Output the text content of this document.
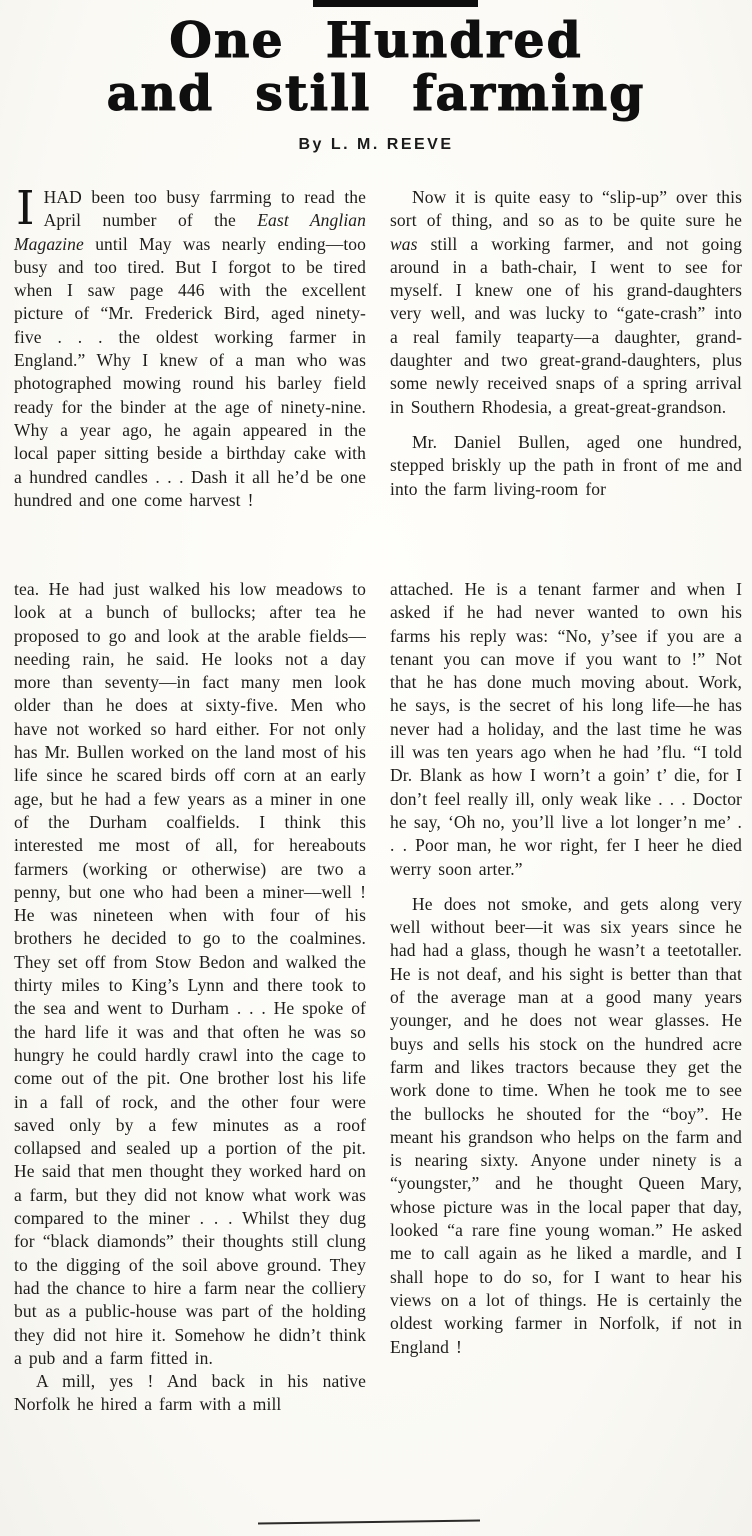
One Hundred
and still farming
By L. M. REEVE

IHAD been too busy farrming to read the April number of the East Anglian Magazine until May was nearly ending—too busy and too tired. But I forgot to be tired when I saw page 446 with the excellent picture of “Mr. Frederick Bird, aged ninety-five . . . the oldest working farmer in England.” Why I knew of a man who was photographed mowing round his barley field ready for the binder at the age of ninety-nine. Why a year ago, he again appeared in the local paper sitting beside a birthday cake with a hundred candles . . . Dash it all he’d be one hundred and one come harvest !

Now it is quite easy to “slip-up” over this sort of thing, and so as to be quite sure he was still a working farmer, and not going around in a bath-chair, I went to see for myself. I knew one of his grand-daughters very well, and was lucky to “gate-crash” into a real family teaparty—a daughter, grand-daughter and two great-grand-daughters, plus some newly received snaps of a spring arrival in Southern Rhodesia, a great-great-grandson.

Mr. Daniel Bullen, aged one hundred, stepped briskly up the path in front of me and into the farm living-room for

tea. He had just walked his low meadows to look at a bunch of bullocks; after tea he proposed to go and look at the arable fields—needing rain, he said. He looks not a day more than seventy—in fact many men look older than he does at sixty-five. Men who have not worked so hard either. For not only has Mr. Bullen worked on the land most of his life since he scared birds off corn at an early age, but he had a few years as a miner in one of the Durham coalfields. I think this interested me most of all, for hereabouts farmers (working or otherwise) are two a penny, but one who had been a miner—well ! He was nineteen when with four of his brothers he decided to go to the coalmines. They set off from Stow Bedon and walked the thirty miles to King’s Lynn and there took to the sea and went to Durham . . . He spoke of the hard life it was and that often he was so hungry he could hardly crawl into the cage to come out of the pit. One brother lost his life in a fall of rock, and the other four were saved only by a few minutes as a roof collapsed and sealed up a portion of the pit. He said that men thought they worked hard on a farm, but they did not know what work was compared to the miner . . . Whilst they dug for “black diamonds” their thoughts still clung to the digging of the soil above ground. They had the chance to hire a farm near the colliery but as a public-house was part of the holding they did not hire it. Somehow he didn’t think a pub and a farm fitted in.

A mill, yes ! And back in his native Norfolk he hired a farm with a mill

attached. He is a tenant farmer and when I asked if he had never wanted to own his farms his reply was: “No, y’see if you are a tenant you can move if you want to !” Not that he has done much moving about. Work, he says, is the secret of his long life—he has never had a holiday, and the last time he was ill was ten years ago when he had ’flu. “I told Dr. Blank as how I worn’t a goin’ t’ die, for I don’t feel really ill, only weak like . . . Doctor he say, ‘Oh no, you’ll live a lot longer’n me’ . . . Poor man, he wor right, fer I heer he died werry soon arter.”

He does not smoke, and gets along very well without beer—it was six years since he had had a glass, though he wasn’t a teetotaller. He is not deaf, and his sight is better than that of the average man at a good many years younger, and he does not wear glasses. He buys and sells his stock on the hundred acre farm and likes tractors because they get the work done to time. When he took me to see the bullocks he shouted for the “boy”. He meant his grandson who helps on the farm and is nearing sixty. Anyone under ninety is a “youngster,” and he thought Queen Mary, whose picture was in the local paper that day, looked “a rare fine young woman.” He asked me to call again as he liked a mardle, and I shall hope to do so, for I want to hear his views on a lot of things. He is certainly the oldest working farmer in Norfolk, if not in England !
